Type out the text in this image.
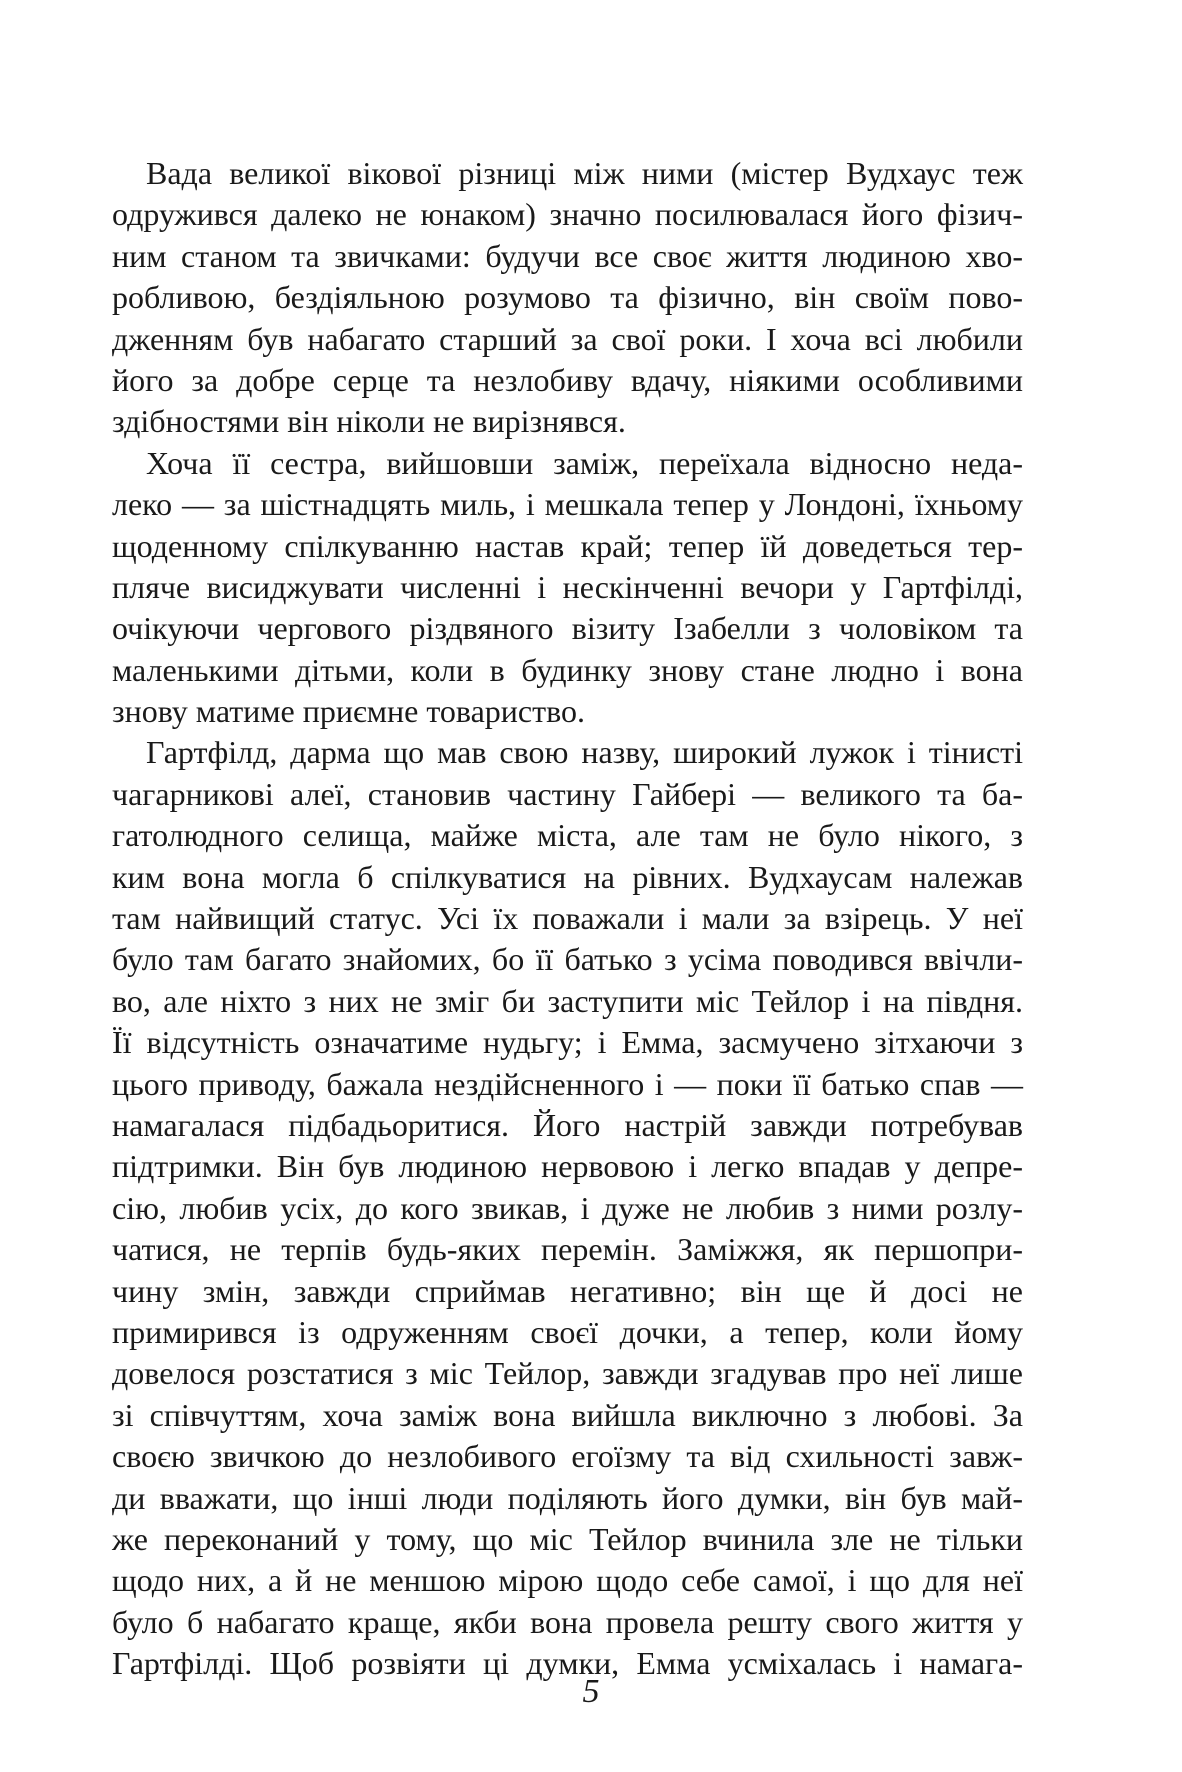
Вада великої вікової різниці між ними (містер Вудхаус теж
одружився далеко не юнаком) значно посилювалася його фізич-
ним станом та звичками: будучи все своє життя людиною хво-
робливою, бездіяльною розумово та фізично, він своїм пово-
дженням був набагато старший за свої роки. І хоча всі любили
його за добре серце та незлобиву вдачу, ніякими особливими
здібностями він ніколи не вирізнявся.
Хоча її сестра, вийшовши заміж, переїхала відносно неда-
леко — за шістнадцять миль, і мешкала тепер у Лондоні, їхньому
щоденному спілкуванню настав край; тепер їй доведеться тер-
пляче висиджувати численні і нескінченні вечори у Гартфілді,
очікуючи чергового різдвяного візиту Ізабелли з чоловіком та
маленькими дітьми, коли в будинку знову стане людно і вона
знову матиме приємне товариство.
Гартфілд, дарма що мав свою назву, широкий лужок і тінисті
чагарникові алеї, становив частину Гайбері — великого та ба-
гатолюдного селища, майже міста, але там не було нікого, з
ким вона могла б спілкуватися на рівних. Вудхаусам належав
там найвищий статус. Усі їх поважали і мали за взірець. У неї
було там багато знайомих, бо її батько з усіма поводився ввічли-
во, але ніхто з них не зміг би заступити міс Тейлор і на півдня.
Її відсутність означатиме нудьгу; і Емма, засмучено зітхаючи з
цього приводу, бажала нездійсненного і — поки її батько спав —
намагалася підбадьоритися. Його настрій завжди потребував
підтримки. Він був людиною нервовою і легко впадав у депре-
сію, любив усіх, до кого звикав, і дуже не любив з ними розлу-
чатися, не терпів будь-яких перемін. Заміжжя, як першопри-
чину змін, завжди сприймав негативно; він ще й досі не
примирився із одруженням своєї дочки, а тепер, коли йому
довелося розстатися з міс Тейлор, завжди згадував про неї лише
зі співчуттям, хоча заміж вона вийшла виключно з любові. За
своєю звичкою до незлобивого егоїзму та від схильності завж-
ди вважати, що інші люди поділяють його думки, він був май-
же переконаний у тому, що міс Тейлор вчинила зле не тільки
щодо них, а й не меншою мірою щодо себе самої, і що для неї
було б набагато краще, якби вона провела решту свого життя у
Гартфілді. Щоб розвіяти ці думки, Емма усміхалась і намага-
5
